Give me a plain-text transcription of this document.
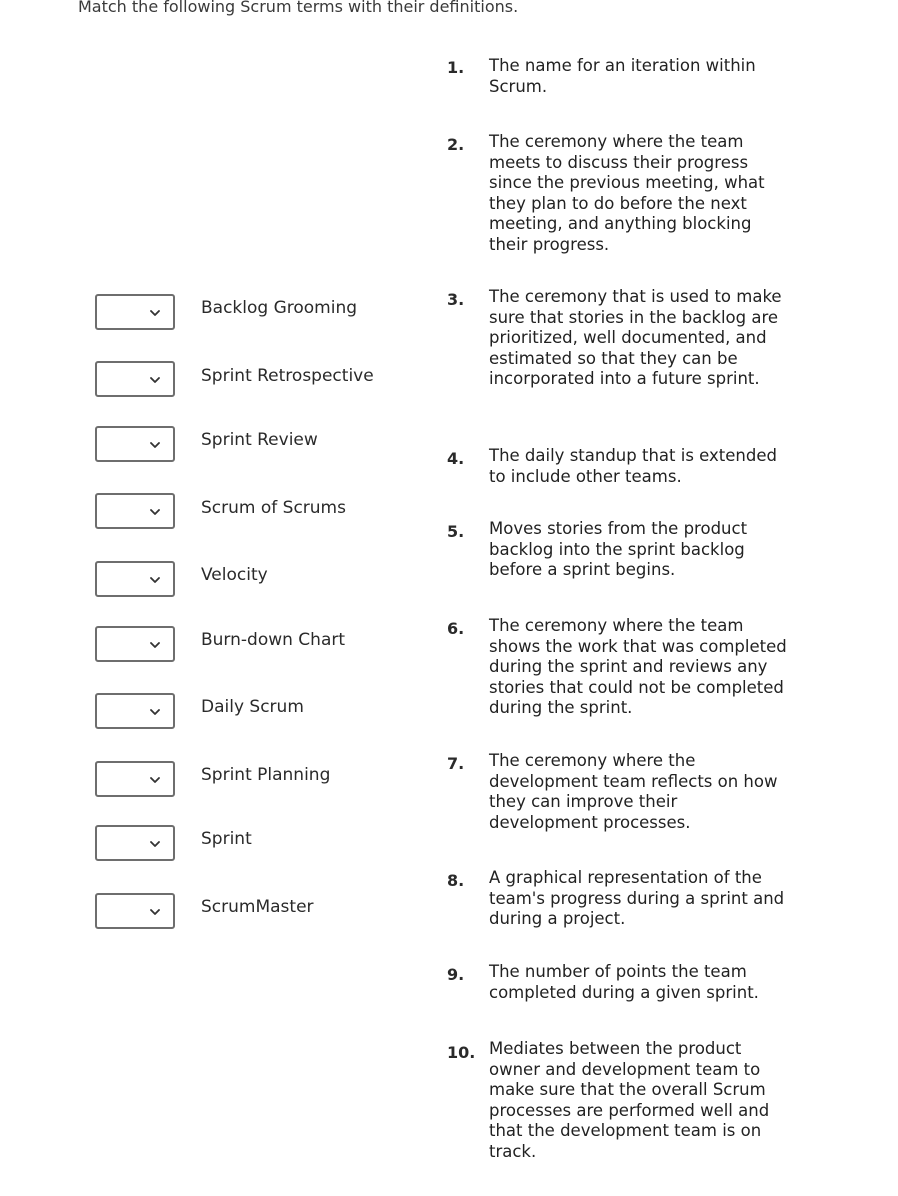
Match the following Scrum terms with their definitions.
Backlog Grooming
Sprint Retrospective
Sprint Review
Scrum of Scrums
Velocity
Burn-down Chart
Daily Scrum
Sprint Planning
Sprint
ScrumMaster
1. The name for an iteration within Scrum.
2. The ceremony where the team meets to discuss their progress since the previous meeting, what they plan to do before the next meeting, and anything blocking their progress.
3. The ceremony that is used to make sure that stories in the backlog are prioritized, well documented, and estimated so that they can be incorporated into a future sprint.
4. The daily standup that is extended to include other teams.
5. Moves stories from the product backlog into the sprint backlog before a sprint begins.
6. The ceremony where the team shows the work that was completed during the sprint and reviews any stories that could not be completed during the sprint.
7. The ceremony where the development team reflects on how they can improve their development processes.
8. A graphical representation of the team's progress during a sprint and during a project.
9. The number of points the team completed during a given sprint.
10. Mediates between the product owner and development team to make sure that the overall Scrum processes are performed well and that the development team is on track.
